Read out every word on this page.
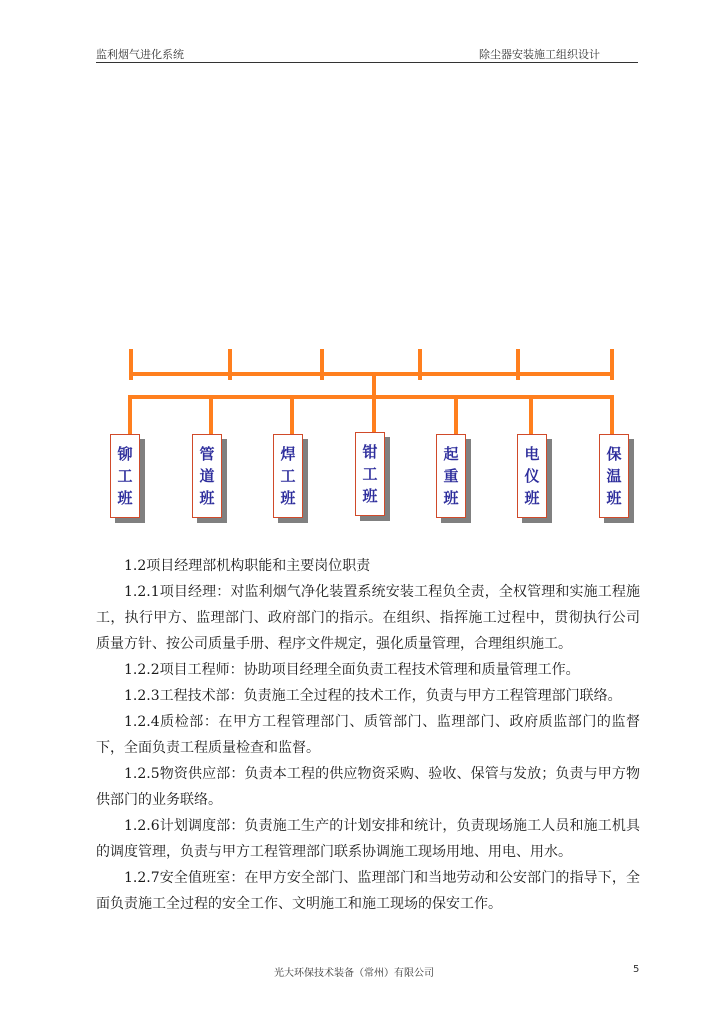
监利烟气进化系统	除尘器安装施工组织设计
铆
工
班
管
道
班
焊
工
班
钳
工
班
起
重
班
电
仪
班
保
温
班

1.2项目经理部机构职能和主要岗位职责

1.2.1项目经理：对监利烟气净化装置系统安装工程负全责，全权管理和实施工程施工，执行甲方、监理部门、政府部门的指示。在组织、指挥施工过程中，贯彻执行公司质量方针、按公司质量手册、程序文件规定，强化质量管理，合理组织施工。

1.2.2项目工程师：协助项目经理全面负责工程技术管理和质量管理工作。

1.2.3工程技术部：负责施工全过程的技术工作，负责与甲方工程管理部门联络。

1.2.4质检部：在甲方工程管理部门、质管部门、监理部门、政府质监部门的监督下，全面负责工程质量检查和监督。

1.2.5物资供应部：负责本工程的供应物资采购、验收、保管与发放；负责与甲方物供部门的业务联络。

1.2.6计划调度部：负责施工生产的计划安排和统计，负责现场施工人员和施工机具的调度管理，负责与甲方工程管理部门联系协调施工现场用地、用电、用水。

1.2.7安全值班室：在甲方安全部门、监理部门和当地劳动和公安部门的指导下，全面负责施工全过程的安全工作、文明施工和施工现场的保安工作。

光大环保技术装备（常州）有限公司	5
